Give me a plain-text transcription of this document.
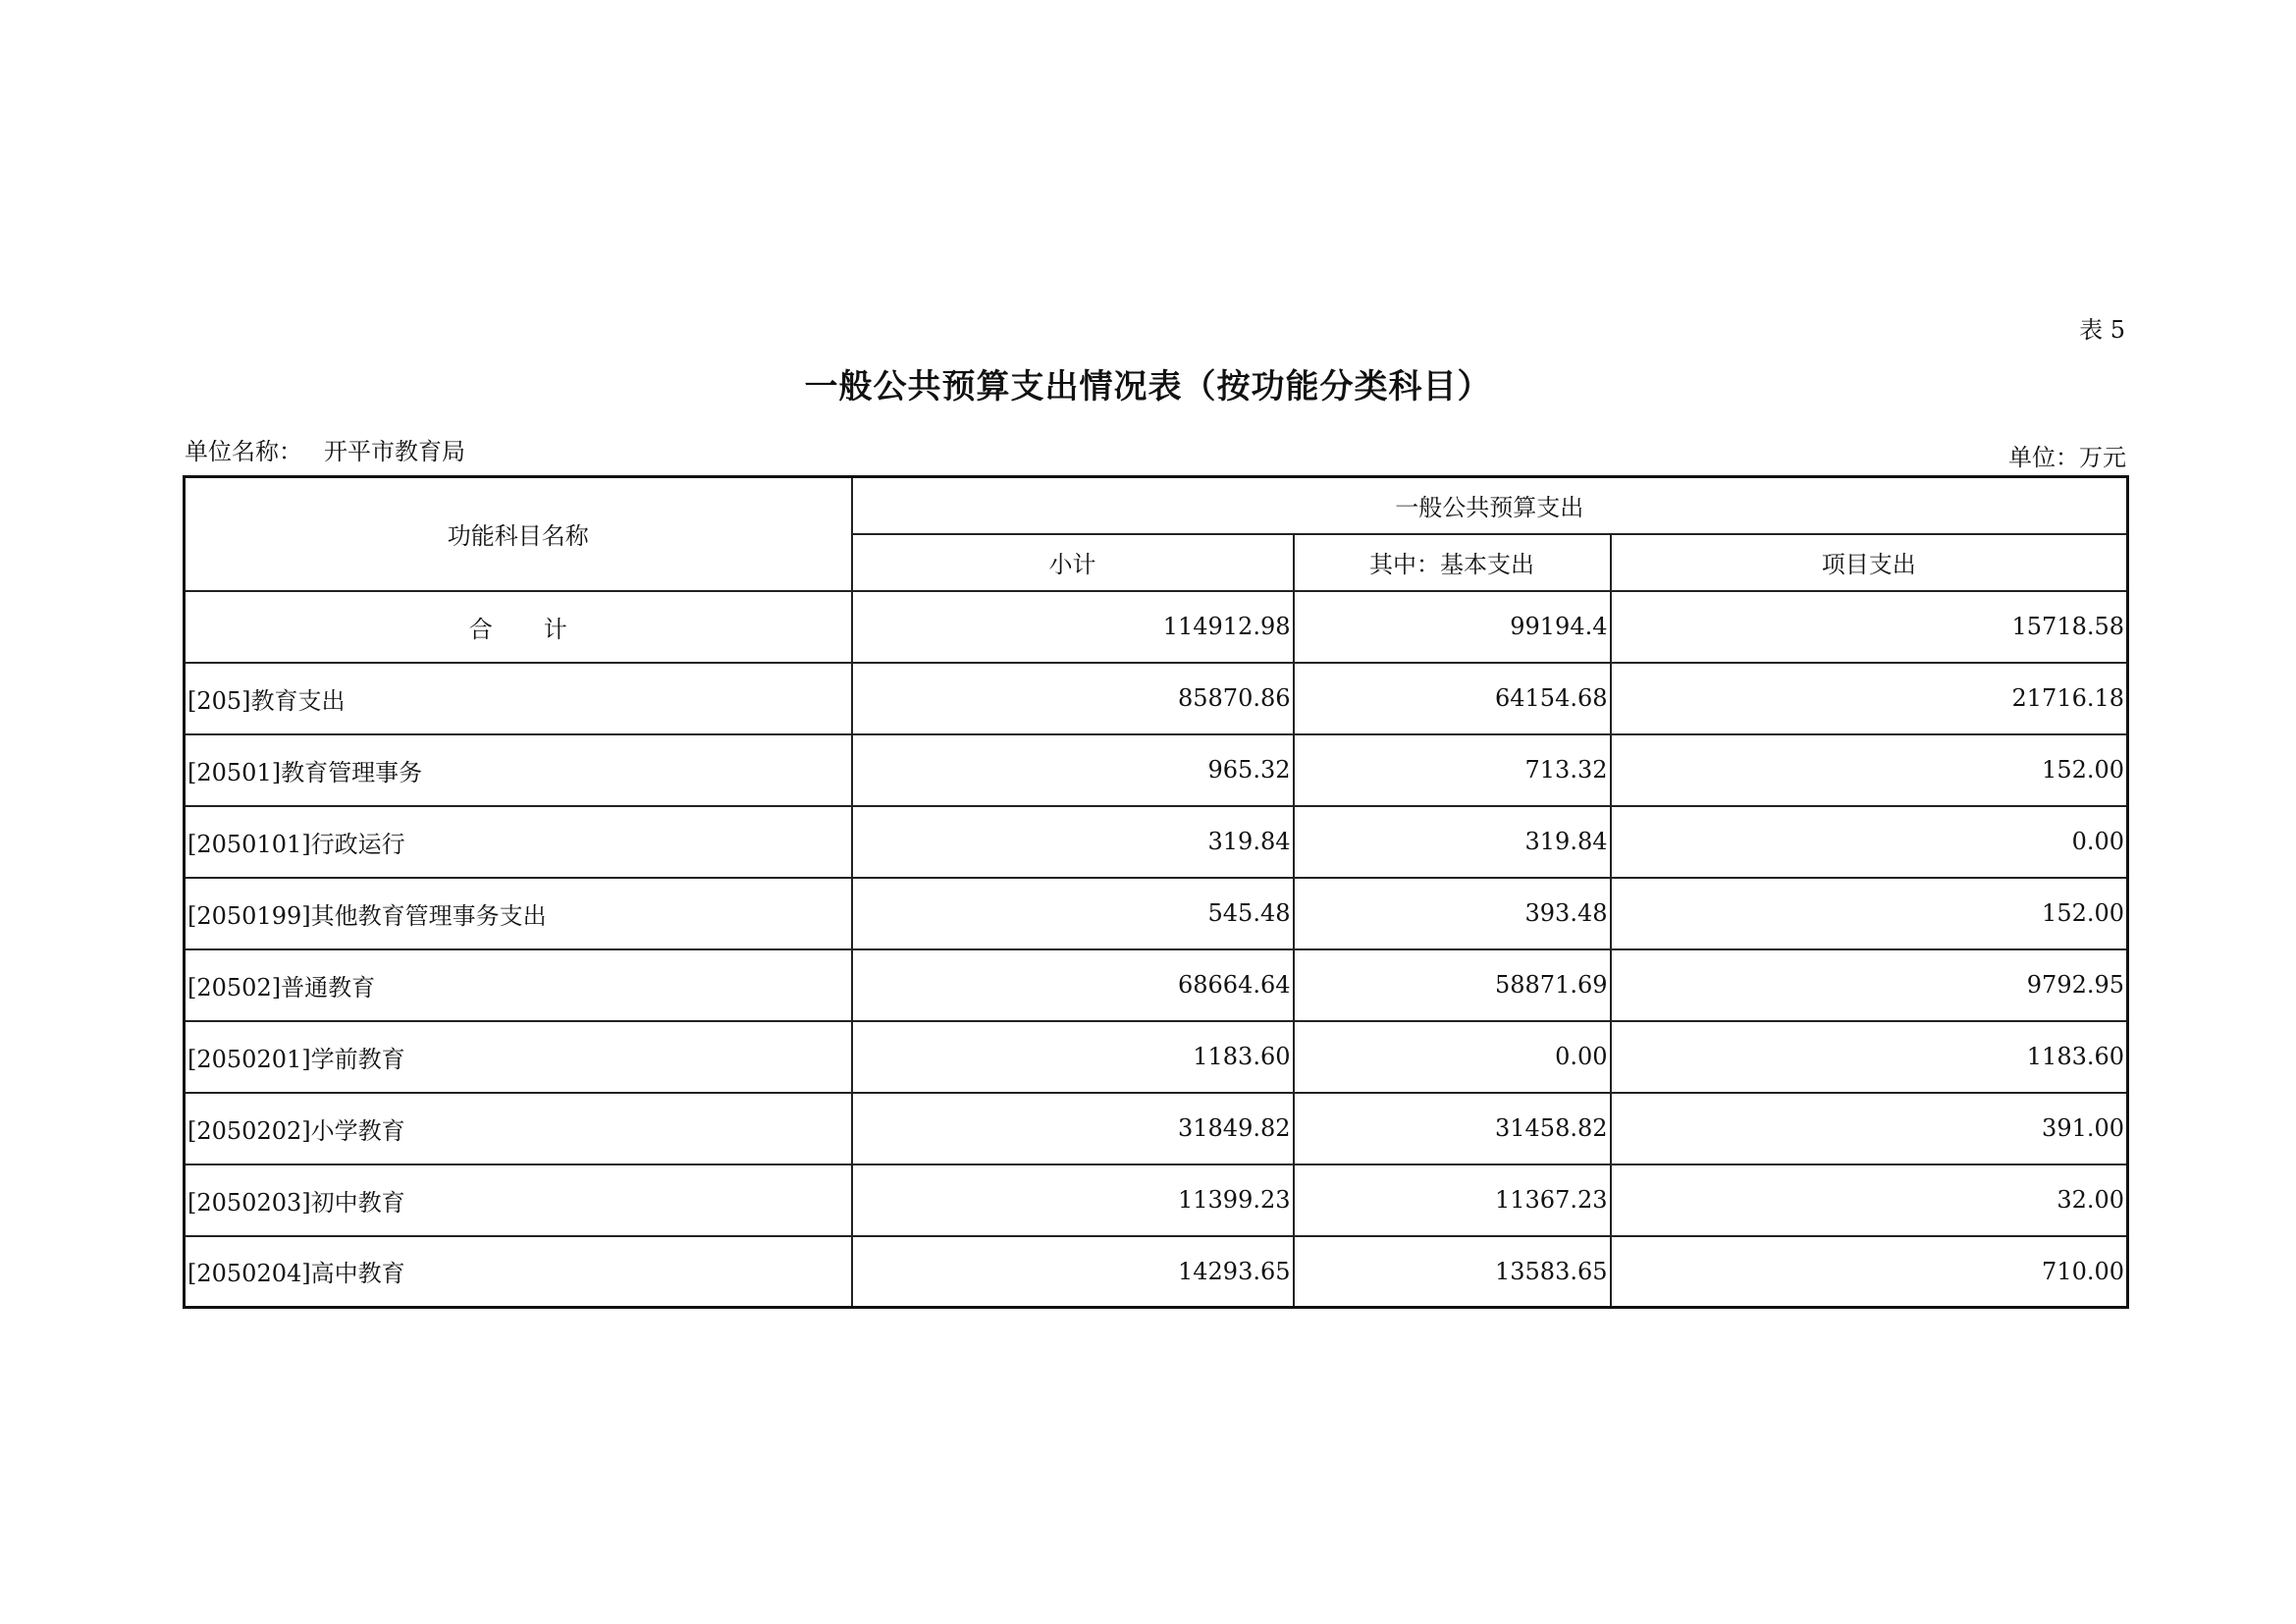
表 5
一般公共预算支出情况表（按功能分类科目）
单位名称： 开平市教育局	单位：万元
功能科目名称	一般公共预算支出		
	小计	其中：基本支出	项目支出
合 计	114912.98	99194.4	15718.58
[205]教育支出	85870.86	64154.68	21716.18
[20501]教育管理事务	965.32	713.32	152.00
[2050101]行政运行	319.84	319.84	0.00
[2050199]其他教育管理事务支出	545.48	393.48	152.00
[20502]普通教育	68664.64	58871.69	9792.95
[2050201]学前教育	1183.60	0.00	1183.60
[2050202]小学教育	31849.82	31458.82	391.00
[2050203]初中教育	11399.23	11367.23	32.00
[2050204]高中教育	14293.65	13583.65	710.00
